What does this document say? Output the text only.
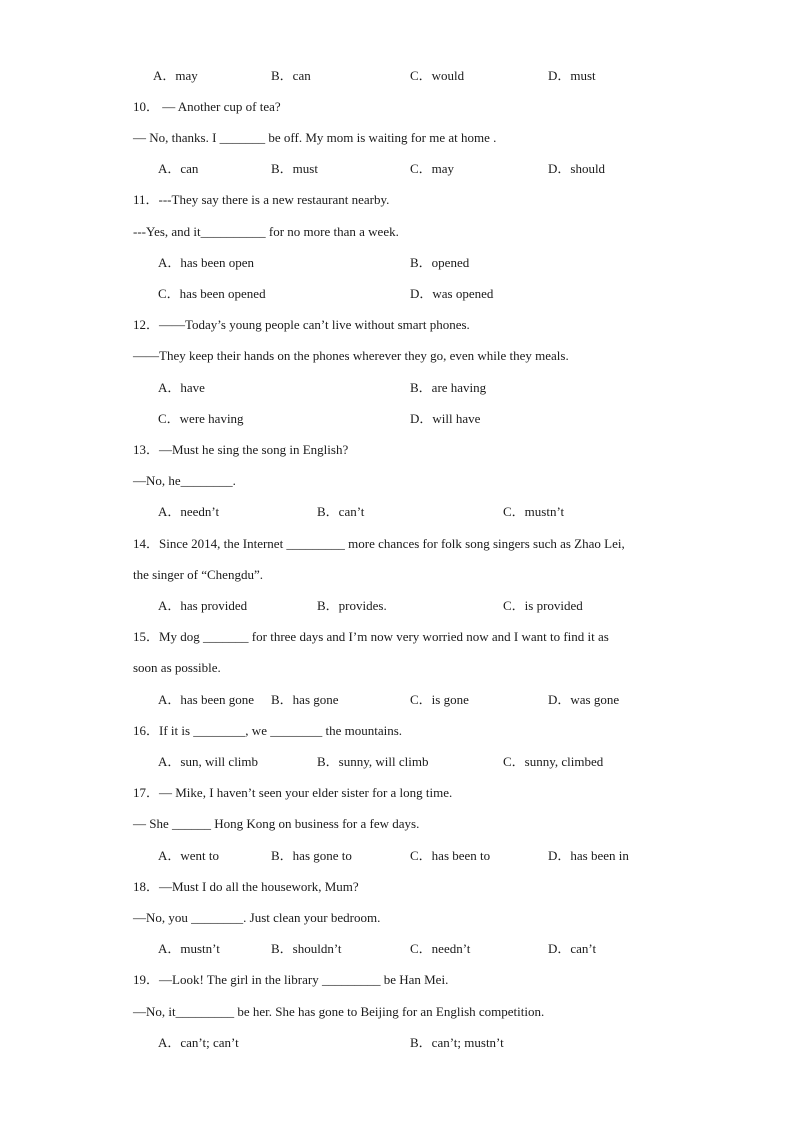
A．may	B．can	C．would	D．must
10． — Another cup of tea?
— No, thanks. I _______ be off. My mom is waiting for me at home .
A．can	B．must	C．may	D．should
11．---They say there is a new restaurant nearby.
---Yes, and it__________ for no more than a week.
A．has been open	B．opened
C．has been opened	D．was opened
12．——Today’s young people can’t live without smart phones.
——They keep their hands on the phones wherever they go, even while they meals.
A．have	B．are having
C．were having	D．will have
13．—Must he sing the song in English?
—No, he________.
A．needn’t	B．can’t	C．mustn’t
14．Since 2014, the Internet _________ more chances for folk song singers such as Zhao Lei,
the singer of “Chengdu”.
A．has provided	B．provides.	C．is provided
15．My dog _______ for three days and I’m now very worried now and I want to find it as
soon as possible.
A．has been gone B．has gone	C．is gone	D．was gone
16．If it is ________, we ________ the mountains.
A．sun, will climb	B．sunny, will climb	C．sunny, climbed
17．— Mike, I haven’t seen your elder sister for a long time.
— She ______ Hong Kong on business for a few days.
A．went to	B．has gone to	C．has been to	D．has been in
18．—Must I do all the housework, Mum?
—No, you ________. Just clean your bedroom.
A．mustn’t	B．shouldn’t	C．needn’t	D．can’t
19．—Look! The girl in the library _________ be Han Mei.
—No, it_________ be her. She has gone to Beijing for an English competition.
A．can’t; can’t	B．can’t; mustn’t
